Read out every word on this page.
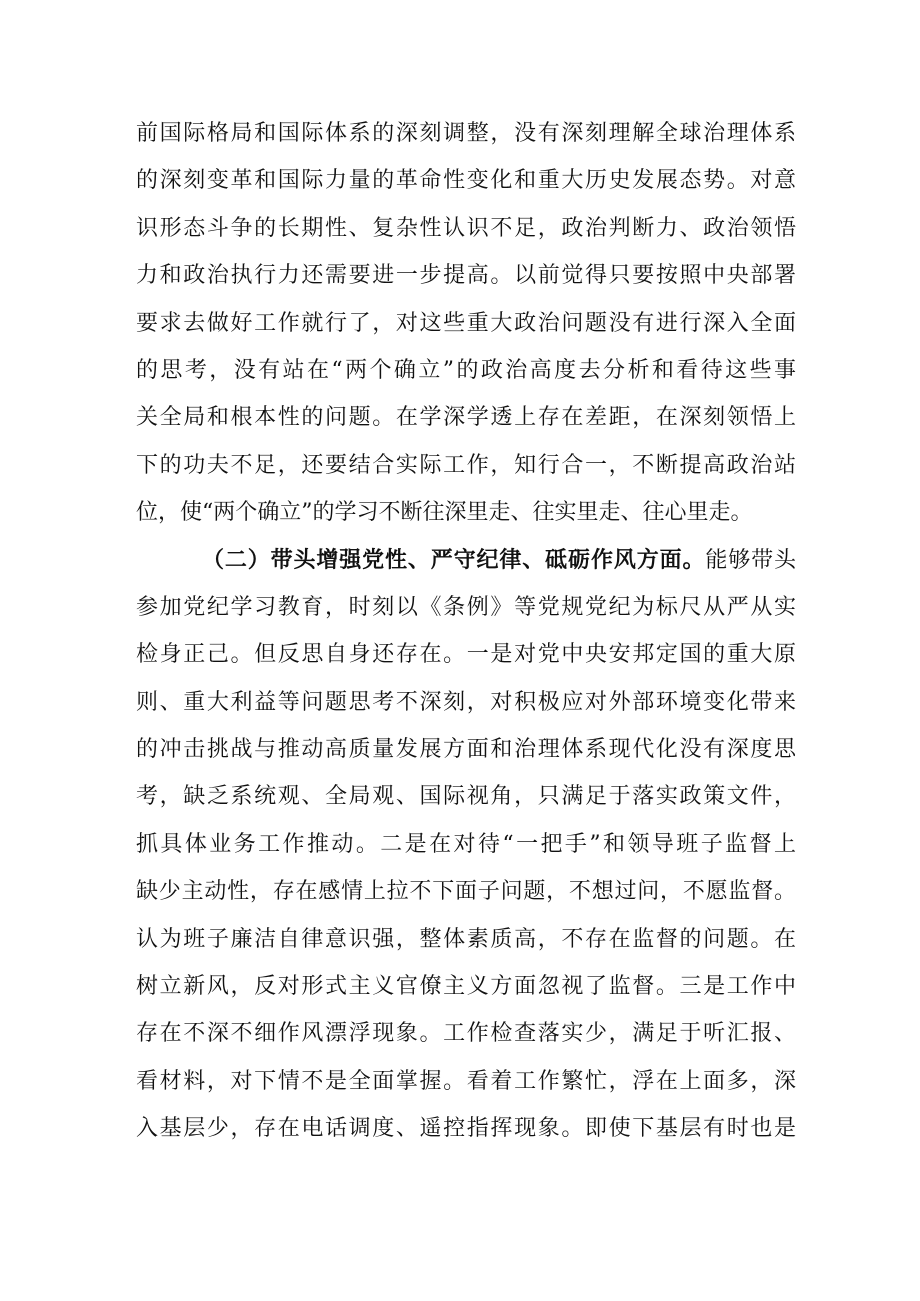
前国际格局和国际体系的深刻调整，没有深刻理解全球治理体系
的深刻变革和国际力量的革命性变化和重大历史发展态势。对意
识形态斗争的长期性、复杂性认识不足，政治判断力、政治领悟
力和政治执行力还需要进一步提高。以前觉得只要按照中央部署
要求去做好工作就行了，对这些重大政治问题没有进行深入全面
的思考，没有站在“两个确立”的政治高度去分析和看待这些事
关全局和根本性的问题。在学深学透上存在差距，在深刻领悟上
下的功夫不足，还要结合实际工作，知行合一，不断提高政治站
位，使“两个确立”的学习不断往深里走、往实里走、往心里走。
（二）带头增强党性、严守纪律、砥砺作风方面。能够带头
参加党纪学习教育，时刻以《条例》等党规党纪为标尺从严从实
检身正己。但反思自身还存在。一是对党中央安邦定国的重大原
则、重大利益等问题思考不深刻，对积极应对外部环境变化带来
的冲击挑战与推动高质量发展方面和治理体系现代化没有深度思
考，缺乏系统观、全局观、国际视角，只满足于落实政策文件，
抓具体业务工作推动。二是在对待“一把手”和领导班子监督上
缺少主动性，存在感情上拉不下面子问题，不想过问，不愿监督。
认为班子廉洁自律意识强，整体素质高，不存在监督的问题。在
树立新风，反对形式主义官僚主义方面忽视了监督。三是工作中
存在不深不细作风漂浮现象。工作检查落实少，满足于听汇报、
看材料，对下情不是全面掌握。看着工作繁忙，浮在上面多，深
入基层少，存在电话调度、遥控指挥现象。即使下基层有时也是
